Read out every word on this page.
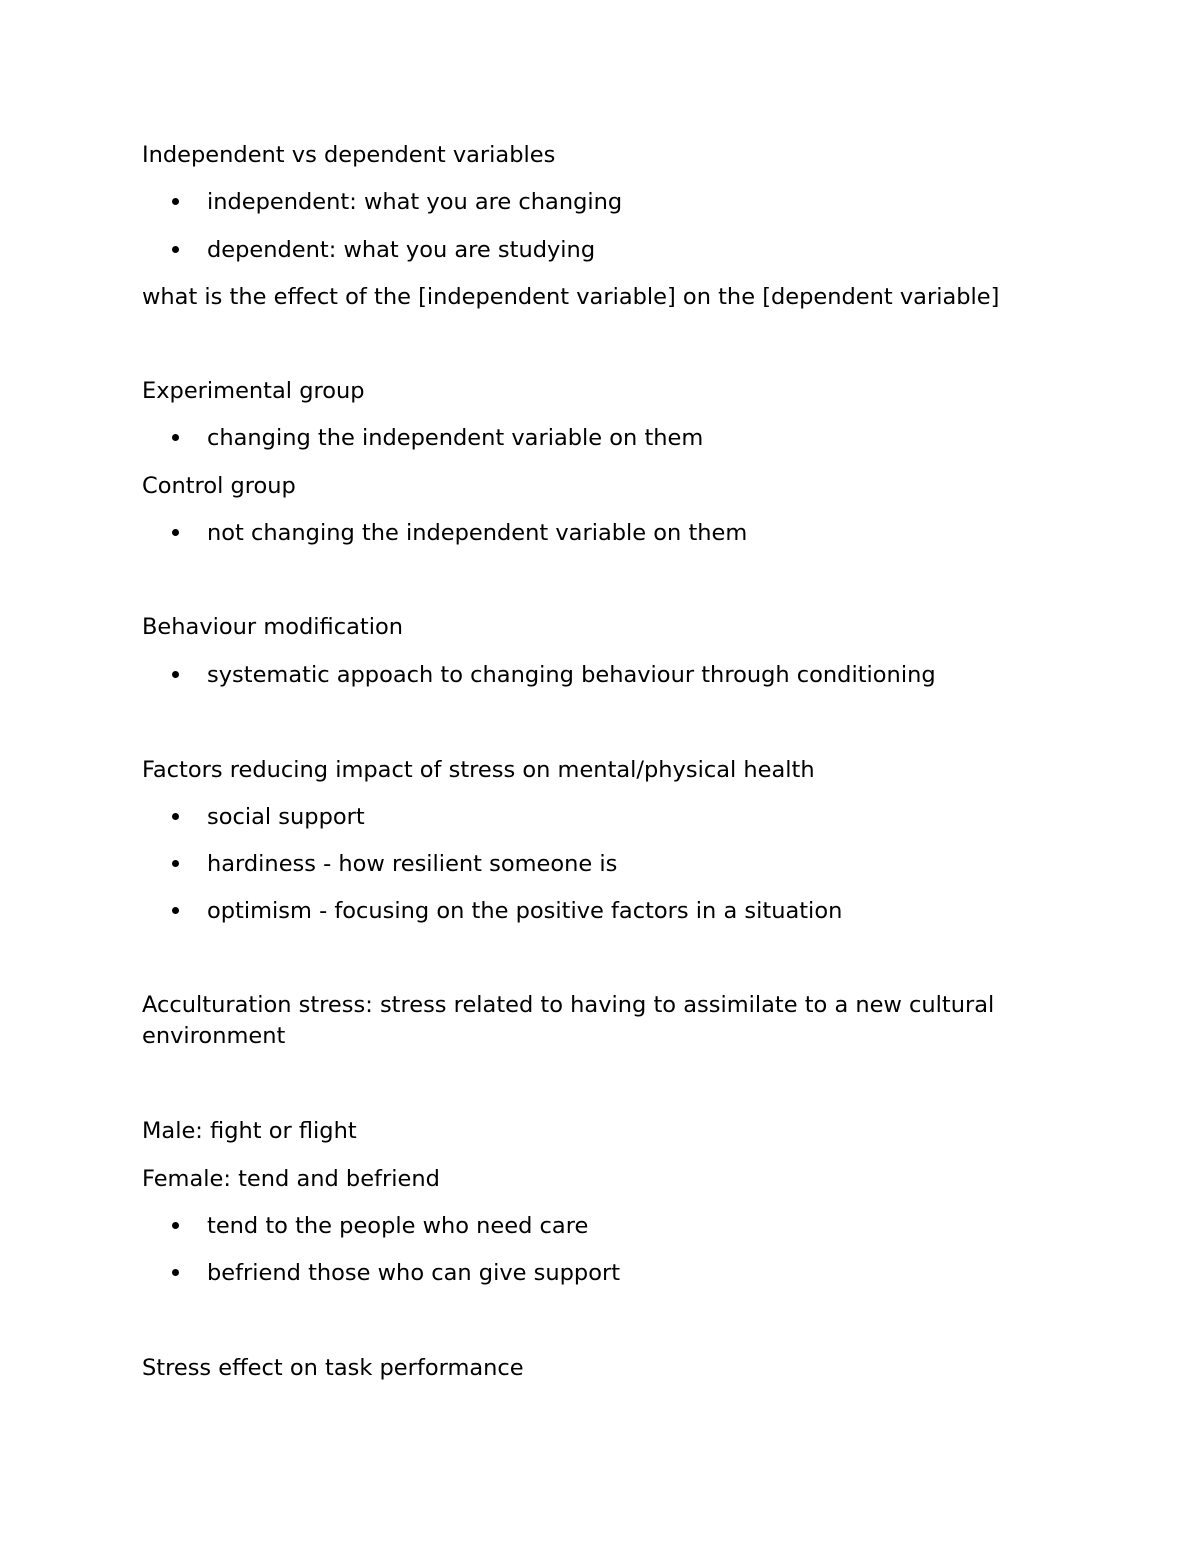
Independent vs dependent variables
independent: what you are changing
dependent: what you are studying
what is the effect of the [independent variable] on the [dependent variable]
Experimental group
changing the independent variable on them
Control group
not changing the independent variable on them
Behaviour modification
systematic appoach to changing behaviour through conditioning
Factors reducing impact of stress on mental/physical health
social support
hardiness - how resilient someone is
optimism - focusing on the positive factors in a situation
Acculturation stress: stress related to having to assimilate to a new cultural
environment
Male: fight or flight
Female: tend and befriend
tend to the people who need care
befriend those who can give support
Stress effect on task performance
